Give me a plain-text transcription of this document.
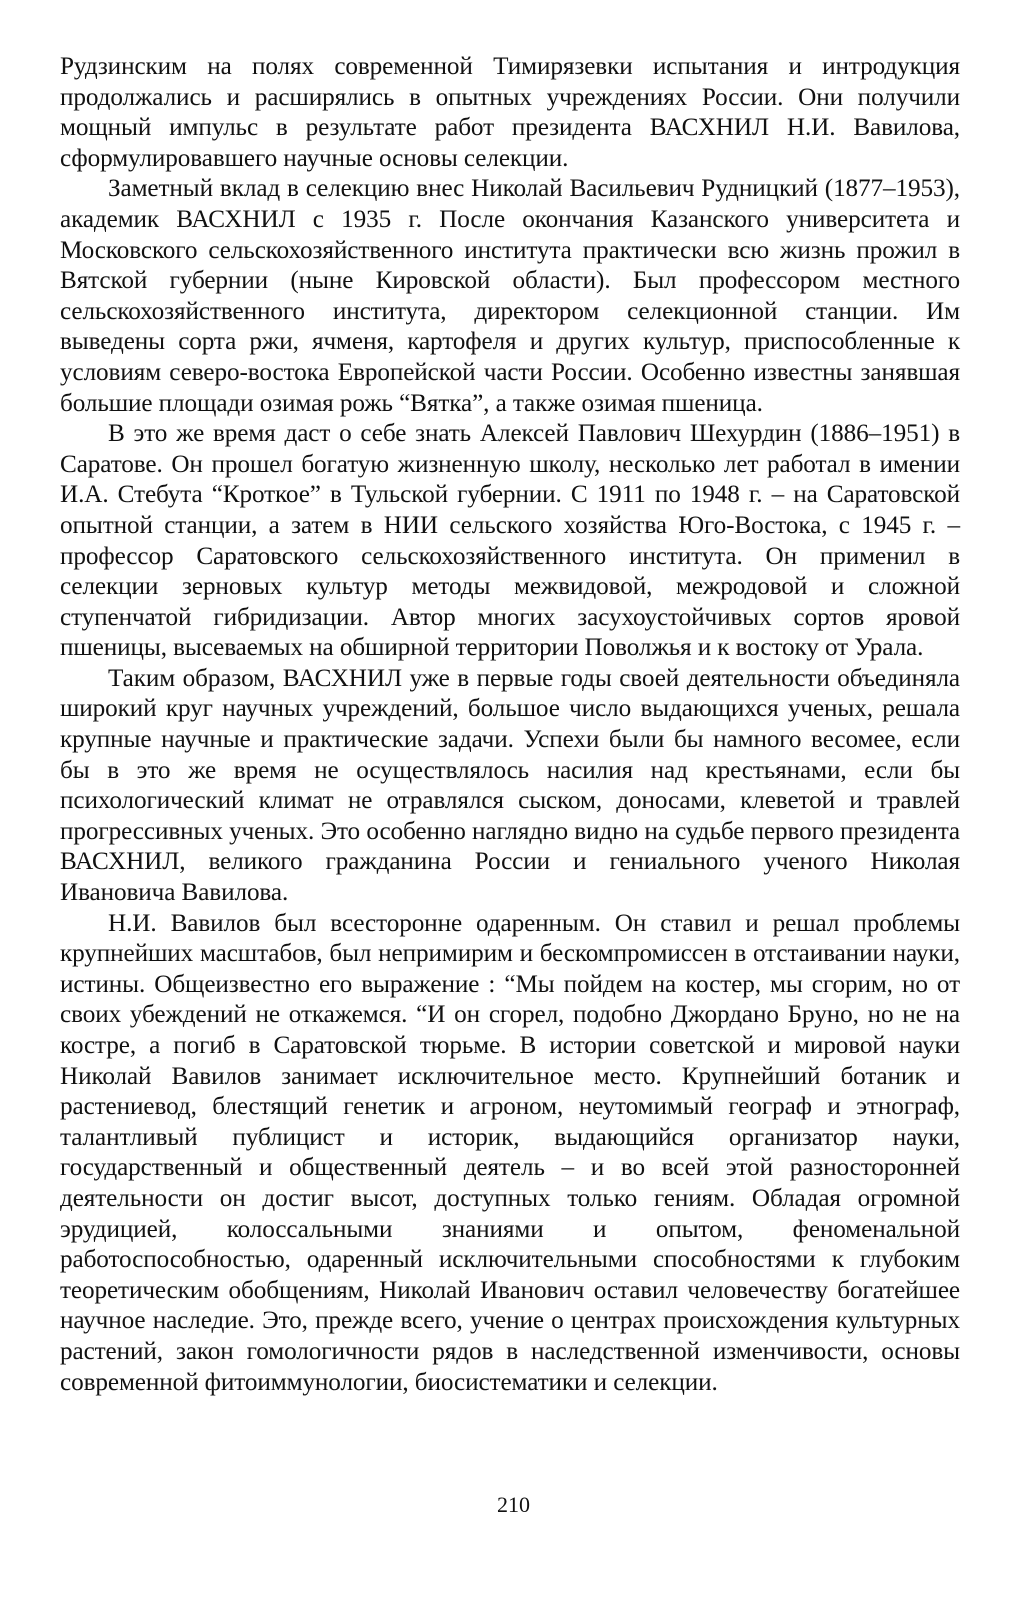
Рудзинским на полях современной Тимирязевки испытания и интродукция продолжались и расширялись в опытных учреждениях России. Они получили мощный импульс в результате работ президента ВАСХНИЛ Н.И. Вавилова, сформулировавшего научные основы селекции.

Заметный вклад в селекцию внес Николай Васильевич Рудницкий (1877–1953), академик ВАСХНИЛ с 1935 г. После окончания Казанского университета и Московского сельскохозяйственного института практически всю жизнь прожил в Вятской губернии (ныне Кировской области). Был профессором местного сельскохозяйственного института, директором селекционной станции. Им выведены сорта ржи, ячменя, картофеля и других культур, приспособленные к условиям северо-востока Европейской части России. Особенно известны занявшая большие площади озимая рожь “Вятка”, а также озимая пшеница.

В это же время даст о себе знать Алексей Павлович Шехурдин (1886–1951) в Саратове. Он прошел богатую жизненную школу, несколько лет работал в имении И.А. Стебута “Кроткое” в Тульской губернии. С 1911 по 1948 г. – на Саратовской опытной станции, а затем в НИИ сельского хозяйства Юго-Востока, с 1945 г. – профессор Саратовского сельскохозяйственного института. Он применил в селекции зерновых культур методы межвидовой, межродовой и сложной ступенчатой гибридизации. Автор многих засухоустойчивых сортов яровой пшеницы, высеваемых на обширной территории Поволжья и к востоку от Урала.

Таким образом, ВАСХНИЛ уже в первые годы своей деятельности объединяла широкий круг научных учреждений, большое число выдающихся ученых, решала крупные научные и практические задачи. Успехи были бы намного весомее, если бы в это же время не осуществлялось насилия над крестьянами, если бы психологический климат не отравлялся сыском, доносами, клеветой и травлей прогрессивных ученых. Это особенно наглядно видно на судьбе первого президента ВАСХНИЛ, великого гражданина России и гениального ученого Николая Ивановича Вавилова.

Н.И. Вавилов был всесторонне одаренным. Он ставил и решал проблемы крупнейших масштабов, был непримирим и бескомпромиссен в отстаивании науки, истины. Общеизвестно его выражение : “Мы пойдем на костер, мы сгорим, но от своих убеждений не откажемся. “И он сгорел, подобно Джордано Бруно, но не на костре, а погиб в Саратовской тюрьме. В истории советской и мировой науки Николай Вавилов занимает исключительное место. Крупнейший ботаник и растениевод, блестящий генетик и агроном, неутомимый географ и этнограф, талантливый публицист и историк, выдающийся организатор науки, государственный и общественный деятель – и во всей этой разносторонней деятельности он достиг высот, доступных только гениям. Обладая огромной эрудицией, колоссальными знаниями и опытом, феноменальной работоспособностью, одаренный исключительными способностями к глубоким теоретическим обобщениям, Николай Иванович оставил человечеству богатейшее научное наследие. Это, прежде всего, учение о центрах происхождения культурных растений, закон гомологичности рядов в наследственной изменчивости, основы современной фитоиммунологии, биосистематики и селекции.

210
